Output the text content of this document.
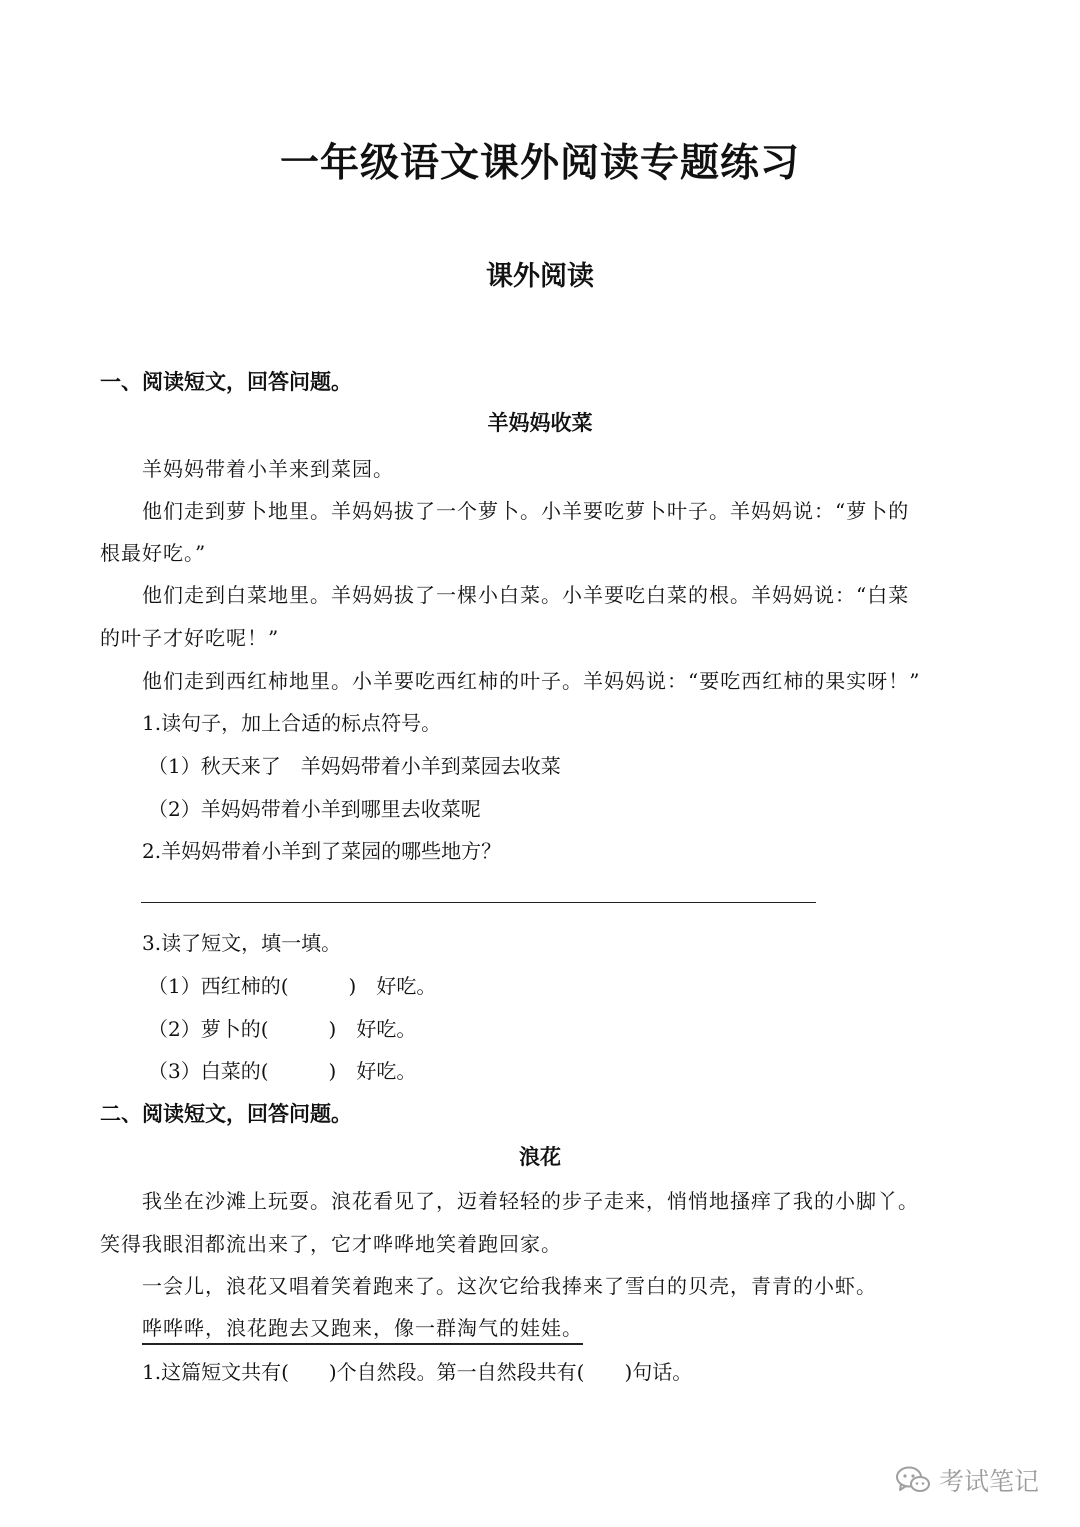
一年级语文课外阅读专题练习
课外阅读
一、阅读短文，回答问题。
羊妈妈收菜
羊妈妈带着小羊来到菜园。
他们走到萝卜地里。羊妈妈拔了一个萝卜。小羊要吃萝卜叶子。羊妈妈说：“萝卜的
根最好吃。”
他们走到白菜地里。羊妈妈拔了一棵小白菜。小羊要吃白菜的根。羊妈妈说：“白菜
的叶子才好吃呢！”
他们走到西红柿地里。小羊要吃西红柿的叶子。羊妈妈说：“要吃西红柿的果实呀！”
1.读句子，加上合适的标点符号。
（1）秋天来了　羊妈妈带着小羊到菜园去收菜
（2）羊妈妈带着小羊到哪里去收菜呢
2.羊妈妈带着小羊到了菜园的哪些地方？
3.读了短文，填一填。
（1）西红柿的(　　　)　好吃。
（2）萝卜的(　　　)　好吃。
（3）白菜的(　　　)　好吃。
二、阅读短文，回答问题。
浪花
我坐在沙滩上玩耍。浪花看见了，迈着轻轻的步子走来，悄悄地搔痒了我的小脚丫。
笑得我眼泪都流出来了，它才哗哗地笑着跑回家。
一会儿，浪花又唱着笑着跑来了。这次它给我捧来了雪白的贝壳，青青的小虾。
哗哗哗，浪花跑去又跑来，像一群淘气的娃娃。
1.这篇短文共有(　　)个自然段。第一自然段共有(　　)句话。
考试笔记
